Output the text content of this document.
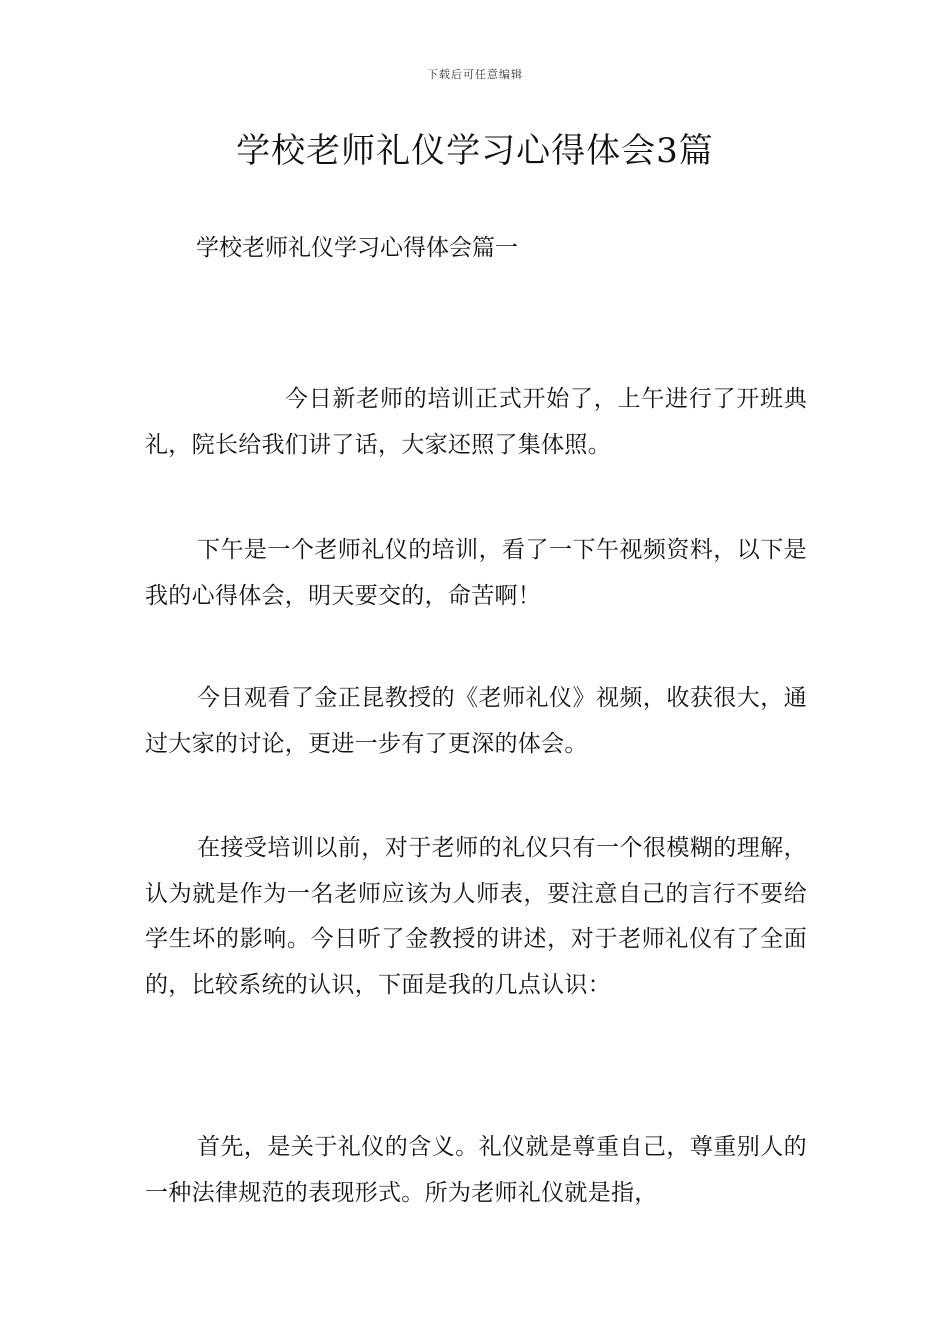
下载后可任意编辑
学校老师礼仪学习心得体会3篇
学校老师礼仪学习心得体会篇一

今日新老师的培训正式开始了，上午进行了开班典礼，院长给我们讲了话，大家还照了集体照。

下午是一个老师礼仪的培训，看了一下午视频资料，以下是我的心得体会，明天要交的，命苦啊！

今日观看了金正昆教授的《老师礼仪》视频，收获很大，通过大家的讨论，更进一步有了更深的体会。

在接受培训以前，对于老师的礼仪只有一个很模糊的理解，认为就是作为一名老师应该为人师表，要注意自己的言行不要给学生坏的影响。今日听了金教授的讲述，对于老师礼仪有了全面的，比较系统的认识，下面是我的几点认识：

首先，是关于礼仪的含义。礼仪就是尊重自己，尊重别人的一种法律规范的表现形式。所为老师礼仪就是指，
